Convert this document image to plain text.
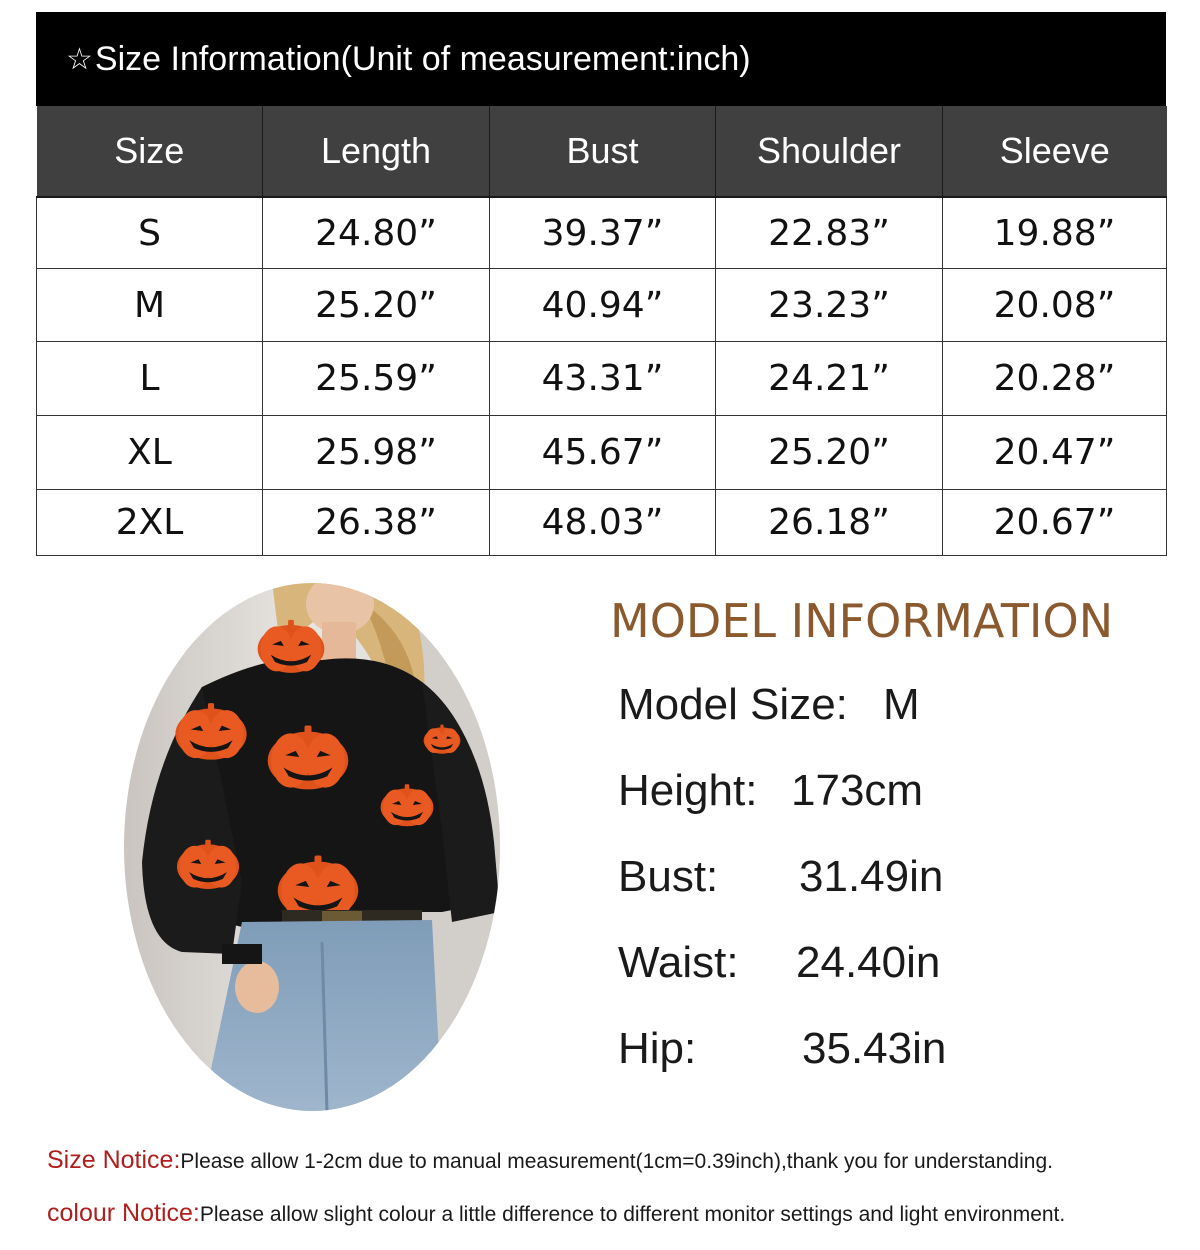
☆ Size Information(Unit of measurement:inch)
Size	Length	Bust	Shoulder	Sleeve
S	24.80”	39.37”	22.83”	19.88”
M	25.20”	40.94”	23.23”	20.08”
L	25.59”	43.31”	24.21”	20.28”
XL	25.98”	45.67”	25.20”	20.47”
2XL	26.38”	48.03”	26.18”	20.67”
MODEL INFORMATION
Model Size: M
Height: 173cm
Bust: 31.49in
Waist: 24.40in
Hip: 35.43in
Size Notice:Please allow 1-2cm due to manual measurement(1cm=0.39inch),thank you for understanding.
colour Notice:Please allow slight colour a little difference to different monitor settings and light environment.
